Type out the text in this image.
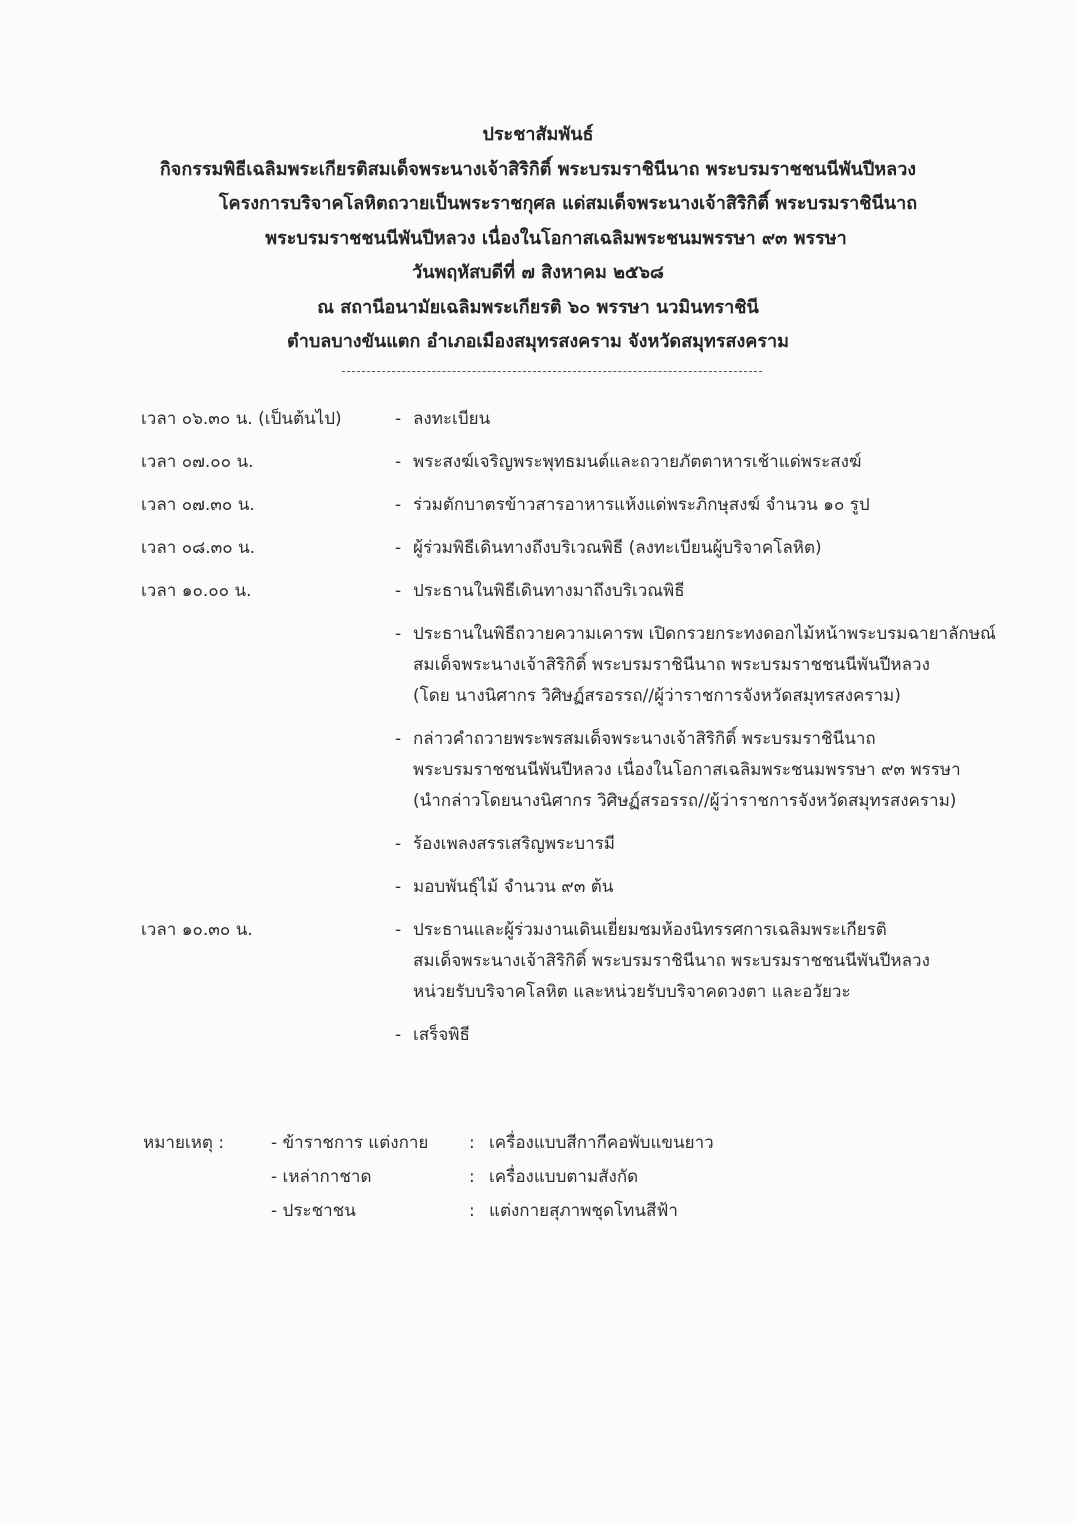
ประชาสัมพันธ์
กิจกรรมพิธีเฉลิมพระเกียรติสมเด็จพระนางเจ้าสิริกิติ์ พระบรมราชินีนาถ พระบรมราชชนนีพันปีหลวง
โครงการบริจาคโลหิตถวายเป็นพระราชกุศล แด่สมเด็จพระนางเจ้าสิริกิติ์ พระบรมราชินีนาถ
พระบรมราชชนนีพันปีหลวง เนื่องในโอกาสเฉลิมพระชนมพรรษา ๙๓ พรรษา
วันพฤหัสบดีที่ ๗ สิงหาคม ๒๕๖๘
ณ สถานีอนามัยเฉลิมพระเกียรติ ๖๐ พรรษา นวมินทราชินี
ตำบลบางขันแตก อำเภอเมืองสมุทรสงคราม จังหวัดสมุทรสงคราม
เวลา ๐๖.๓๐ น. (เป็นต้นไป)	- ลงทะเบียน
เวลา ๐๗.๐๐ น.	- พระสงฆ์เจริญพระพุทธมนต์และถวายภัตตาหารเช้าแด่พระสงฆ์
เวลา ๐๗.๓๐ น.	- ร่วมตักบาตรข้าวสารอาหารแห้งแด่พระภิกษุสงฆ์ จำนวน ๑๐ รูป
เวลา ๐๘.๓๐ น.	- ผู้ร่วมพิธีเดินทางถึงบริเวณพิธี (ลงทะเบียนผู้บริจาคโลหิต)
เวลา ๑๐.๐๐ น.	- ประธานในพิธีเดินทางมาถึงบริเวณพิธี
- ประธานในพิธีถวายความเคารพ เปิดกรวยกระทงดอกไม้หน้าพระบรมฉายาลักษณ์
สมเด็จพระนางเจ้าสิริกิติ์ พระบรมราชินีนาถ พระบรมราชชนนีพันปีหลวง
(โดย นางนิศากร วิศิษฏ์สรอรรถ//ผู้ว่าราชการจังหวัดสมุทรสงคราม)
- กล่าวคำถวายพระพรสมเด็จพระนางเจ้าสิริกิติ์ พระบรมราชินีนาถ
พระบรมราชชนนีพันปีหลวง เนื่องในโอกาสเฉลิมพระชนมพรรษา ๙๓ พรรษา
(นำกล่าวโดยนางนิศากร วิศิษฏ์สรอรรถ//ผู้ว่าราชการจังหวัดสมุทรสงคราม)
- ร้องเพลงสรรเสริญพระบารมี
- มอบพันธุ์ไม้ จำนวน ๙๓ ต้น
เวลา ๑๐.๓๐ น.	- ประธานและผู้ร่วมงานเดินเยี่ยมชมห้องนิทรรศการเฉลิมพระเกียรติ
สมเด็จพระนางเจ้าสิริกิติ์ พระบรมราชินีนาถ พระบรมราชชนนีพันปีหลวง
หน่วยรับบริจาคโลหิต และหน่วยรับบริจาคดวงตา และอวัยวะ
- เสร็จพิธี
หมายเหตุ :	- ข้าราชการ แต่งกาย	: เครื่องแบบสีกากีคอพับแขนยาว
- เหล่ากาชาด	: เครื่องแบบตามสังกัด
- ประชาชน	: แต่งกายสุภาพชุดโทนสีฟ้า
